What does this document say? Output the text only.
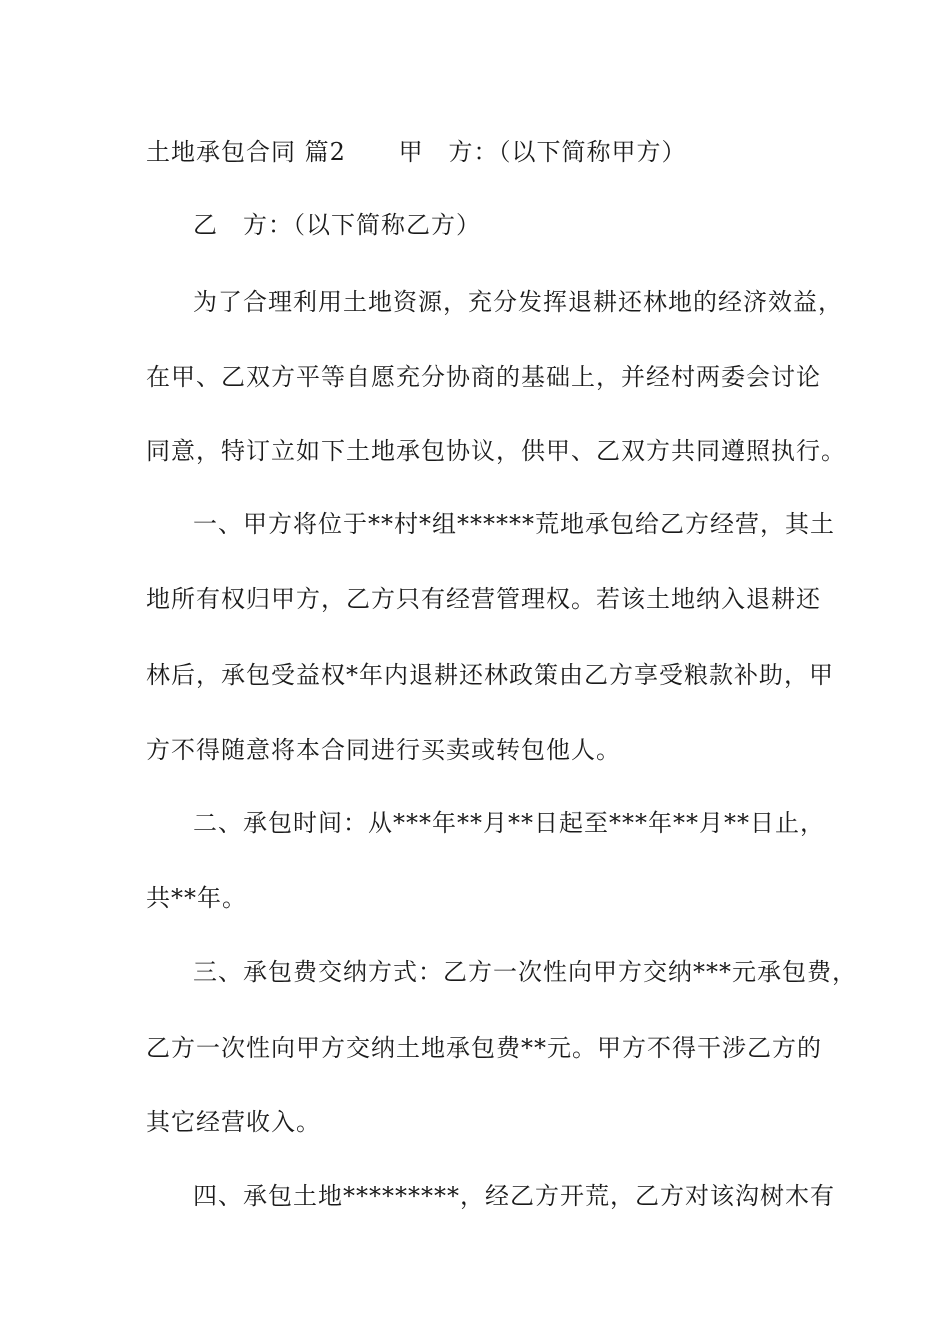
土地承包合同 篇2 甲　方：（以下简称甲方）
乙　方：（以下简称乙方）
为了合理利用土地资源，充分发挥退耕还林地的经济效益，
在甲、乙双方平等自愿充分协商的基础上，并经村两委会讨论
同意，特订立如下土地承包协议，供甲、乙双方共同遵照执行。
一、甲方将位于**村*组******荒地承包给乙方经营，其土
地所有权归甲方，乙方只有经营管理权。若该土地纳入退耕还
林后，承包受益权*年内退耕还林政策由乙方享受粮款补助，甲
方不得随意将本合同进行买卖或转包他人。
二、承包时间：从***年**月**日起至***年**月**日止，
共**年。
三、承包费交纳方式：乙方一次性向甲方交纳***元承包费，
乙方一次性向甲方交纳土地承包费**元。甲方不得干涉乙方的
其它经营收入。
四、承包土地*********，经乙方开荒，乙方对该沟树木有
